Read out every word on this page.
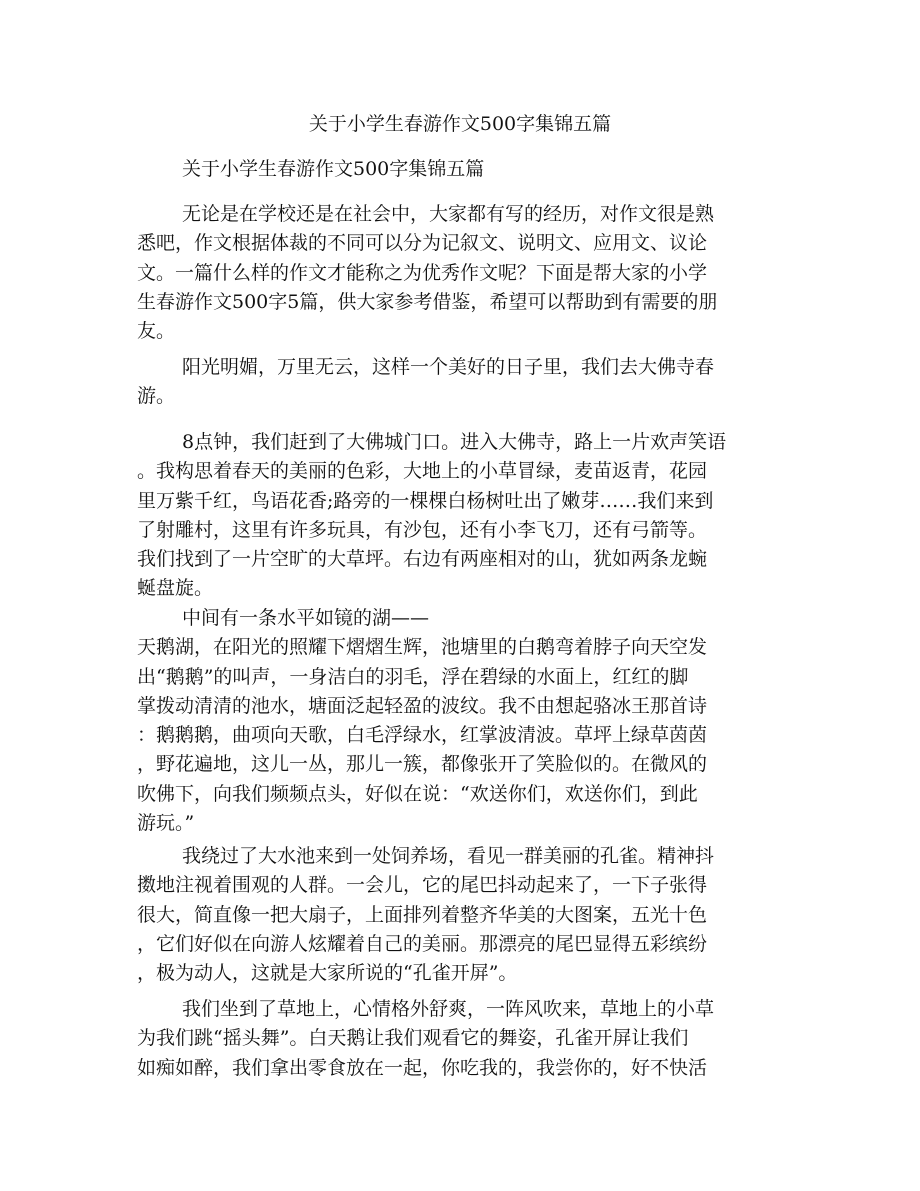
关于小学生春游作文500字集锦五篇
关于小学生春游作文500字集锦五篇

无论是在学校还是在社会中，大家都有写的经历，对作文很是熟
悉吧，作文根据体裁的不同可以分为记叙文、说明文、应用文、议论
文。一篇什么样的作文才能称之为优秀作文呢？下面是帮大家的小学
生春游作文500字5篇，供大家参考借鉴，希望可以帮助到有需要的朋
友。

阳光明媚，万里无云，这样一个美好的日子里，我们去大佛寺春
游。

8点钟，我们赶到了大佛城门口。进入大佛寺，路上一片欢声笑语
。我构思着春天的美丽的色彩，大地上的小草冒绿，麦苗返青，花园
里万紫千红，鸟语花香;路旁的一棵棵白杨树吐出了嫩芽……我们来到
了射雕村，这里有许多玩具，有沙包，还有小李飞刀，还有弓箭等。
我们找到了一片空旷的大草坪。右边有两座相对的山，犹如两条龙蜿
蜒盘旋。

中间有一条水平如镜的湖——
天鹅湖，在阳光的照耀下熠熠生辉，池塘里的白鹅弯着脖子向天空发
出“鹅鹅”的叫声，一身洁白的羽毛，浮在碧绿的水面上，红红的脚
掌拨动清清的池水，塘面泛起轻盈的波纹。我不由想起骆冰王那首诗
：鹅鹅鹅，曲项向天歌，白毛浮绿水，红掌波清波。草坪上绿草茵茵
，野花遍地，这儿一丛，那儿一簇，都像张开了笑脸似的。在微风的
吹佛下，向我们频频点头，好似在说：“欢送你们，欢送你们，到此
游玩。”

我绕过了大水池来到一处饲养场，看见一群美丽的孔雀。精神抖
擞地注视着围观的人群。一会儿，它的尾巴抖动起来了，一下子张得
很大，简直像一把大扇子，上面排列着整齐华美的大图案，五光十色
，它们好似在向游人炫耀着自己的美丽。那漂亮的尾巴显得五彩缤纷
，极为动人，这就是大家所说的“孔雀开屏”。

我们坐到了草地上，心情格外舒爽，一阵风吹来，草地上的小草
为我们跳“摇头舞”。白天鹅让我们观看它的舞姿，孔雀开屏让我们
如痴如醉，我们拿出零食放在一起，你吃我的，我尝你的，好不快活
